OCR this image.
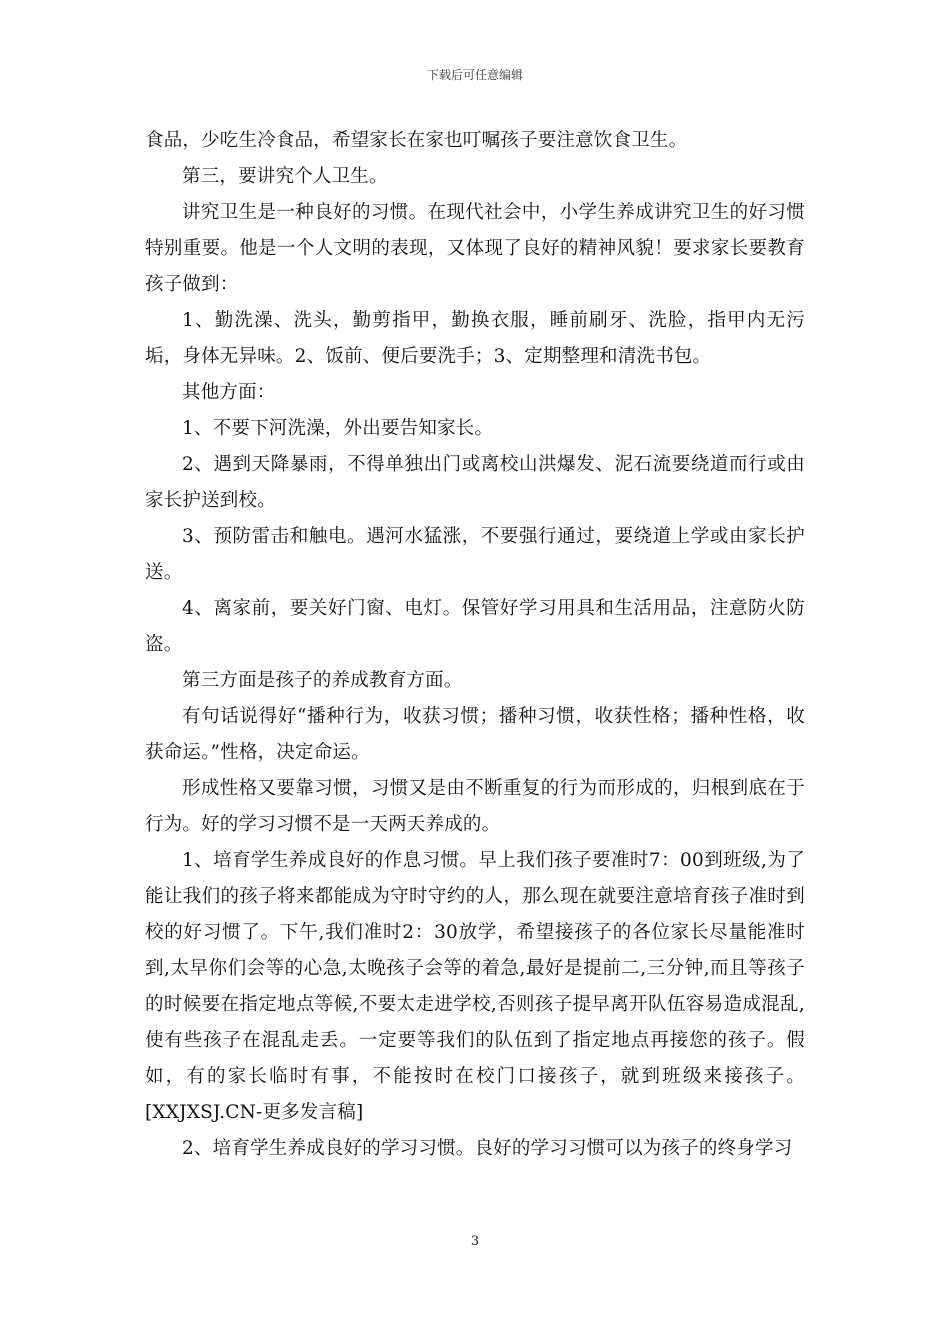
下载后可任意编辑

食品，少吃生冷食品，希望家长在家也叮嘱孩子要注意饮食卫生。

第三，要讲究个人卫生。

讲究卫生是一种良好的习惯。在现代社会中，小学生养成讲究卫生的好习惯特别重要。他是一个人文明的表现，又体现了良好的精神风貌！要求家长要教育孩子做到：

1、勤洗澡、洗头，勤剪指甲，勤换衣服，睡前刷牙、洗脸，指甲内无污垢，身体无异味。2、饭前、便后要洗手；3、定期整理和清洗书包。

其他方面：

1、不要下河洗澡，外出要告知家长。

2、遇到天降暴雨，不得单独出门或离校山洪爆发、泥石流要绕道而行或由家长护送到校。

3、预防雷击和触电。遇河水猛涨，不要强行通过，要绕道上学或由家长护送。

4、离家前，要关好门窗、电灯。保管好学习用具和生活用品，注意防火防盗。

第三方面是孩子的养成教育方面。

有句话说得好“播种行为，收获习惯；播种习惯，收获性格；播种性格，收获命运。”性格，决定命运。

形成性格又要靠习惯，习惯又是由不断重复的行为而形成的，归根到底在于行为。好的学习习惯不是一天两天养成的。

1、培育学生养成良好的作息习惯。早上我们孩子要准时7：00到班级,为了能让我们的孩子将来都能成为守时守约的人，那么现在就要注意培育孩子准时到校的好习惯了。下午,我们准时2：30放学，希望接孩子的各位家长尽量能准时到,太早你们会等的心急,太晚孩子会等的着急,最好是提前二,三分钟,而且等孩子的时候要在指定地点等候,不要太走进学校,否则孩子提早离开队伍容易造成混乱,使有些孩子在混乱走丢。一定要等我们的队伍到了指定地点再接您的孩子。假如，有的家长临时有事，不能按时在校门口接孩子，就到班级来接孩子。[XXJXSJ.CN-更多发言稿]

2、培育学生养成良好的学习习惯。良好的学习习惯可以为孩子的终身学习

3
